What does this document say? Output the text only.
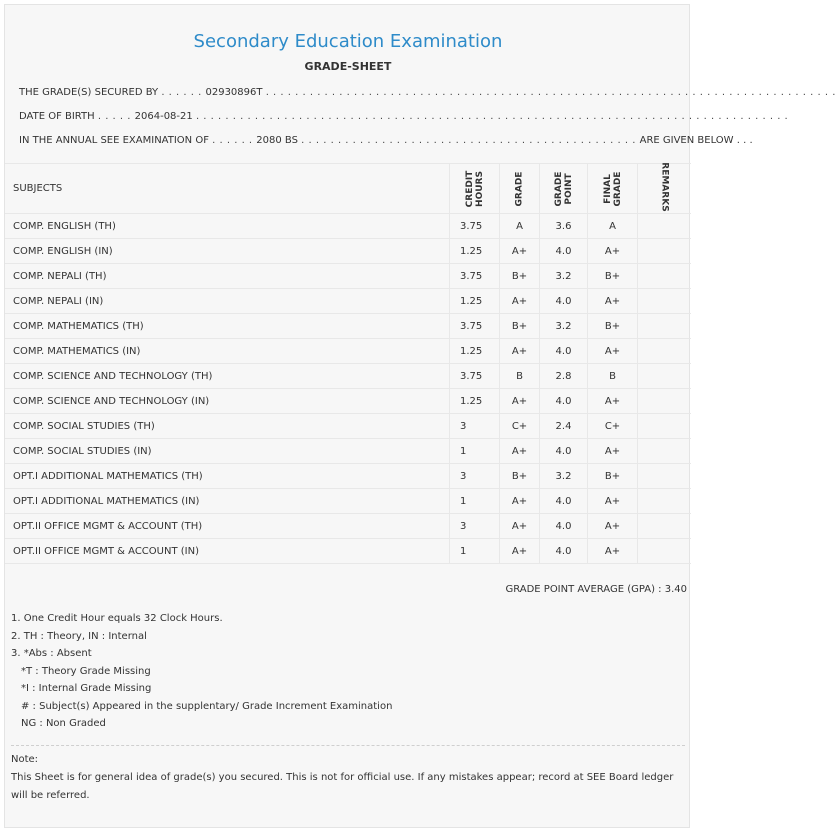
Secondary Education Examination
GRADE-SHEET
THE GRADE(S) SECURED BY . . . . . . 02930896T . . . . . . . . . . . . . . . . . . . . . . . . . . . . . . . . . . . . . . . . . . . . . . . . . . . . . . . . . . . . . . . . . . . . . . . . . . . . . .
DATE OF BIRTH . . . . . 2064-08-21 . . . . . . . . . . . . . . . . . . . . . . . . . . . . . . . . . . . . . . . . . . . . . . . . . . . . . . . . . . . . . . . . . . . . . . . . . . . . . . . . .
IN THE ANNUAL SEE EXAMINATION OF . . . . . . 2080 BS . . . . . . . . . . . . . . . . . . . . . . . . . . . . . . . . . . . . . . . . . . . . . . ARE GIVEN BELOW . . .
SUBJECTS	CREDIT HOURS	GRADE	GRADE POINT	FINAL GRADE	REMARKS
COMP. ENGLISH (TH)	3.75	A	3.6	A
COMP. ENGLISH (IN)	1.25	A+	4.0	A+
COMP. NEPALI (TH)	3.75	B+	3.2	B+
COMP. NEPALI (IN)	1.25	A+	4.0	A+
COMP. MATHEMATICS (TH)	3.75	B+	3.2	B+
COMP. MATHEMATICS (IN)	1.25	A+	4.0	A+
COMP. SCIENCE AND TECHNOLOGY (TH)	3.75	B	2.8	B
COMP. SCIENCE AND TECHNOLOGY (IN)	1.25	A+	4.0	A+
COMP. SOCIAL STUDIES (TH)	3	C+	2.4	C+
COMP. SOCIAL STUDIES (IN)	1	A+	4.0	A+
OPT.I ADDITIONAL MATHEMATICS (TH)	3	B+	3.2	B+
OPT.I ADDITIONAL MATHEMATICS (IN)	1	A+	4.0	A+
OPT.II OFFICE MGMT & ACCOUNT (TH)	3	A+	4.0	A+
OPT.II OFFICE MGMT & ACCOUNT (IN)	1	A+	4.0	A+
GRADE POINT AVERAGE (GPA) : 3.40
1. One Credit Hour equals 32 Clock Hours.
2. TH : Theory, IN : Internal
3. *Abs : Absent
*T : Theory Grade Missing
*I : Internal Grade Missing
# : Subject(s) Appeared in the supplentary/ Grade Increment Examination
NG : Non Graded
Note:
This Sheet is for general idea of grade(s) you secured. This is not for official use. If any mistakes appear; record at SEE Board ledger will be referred.
